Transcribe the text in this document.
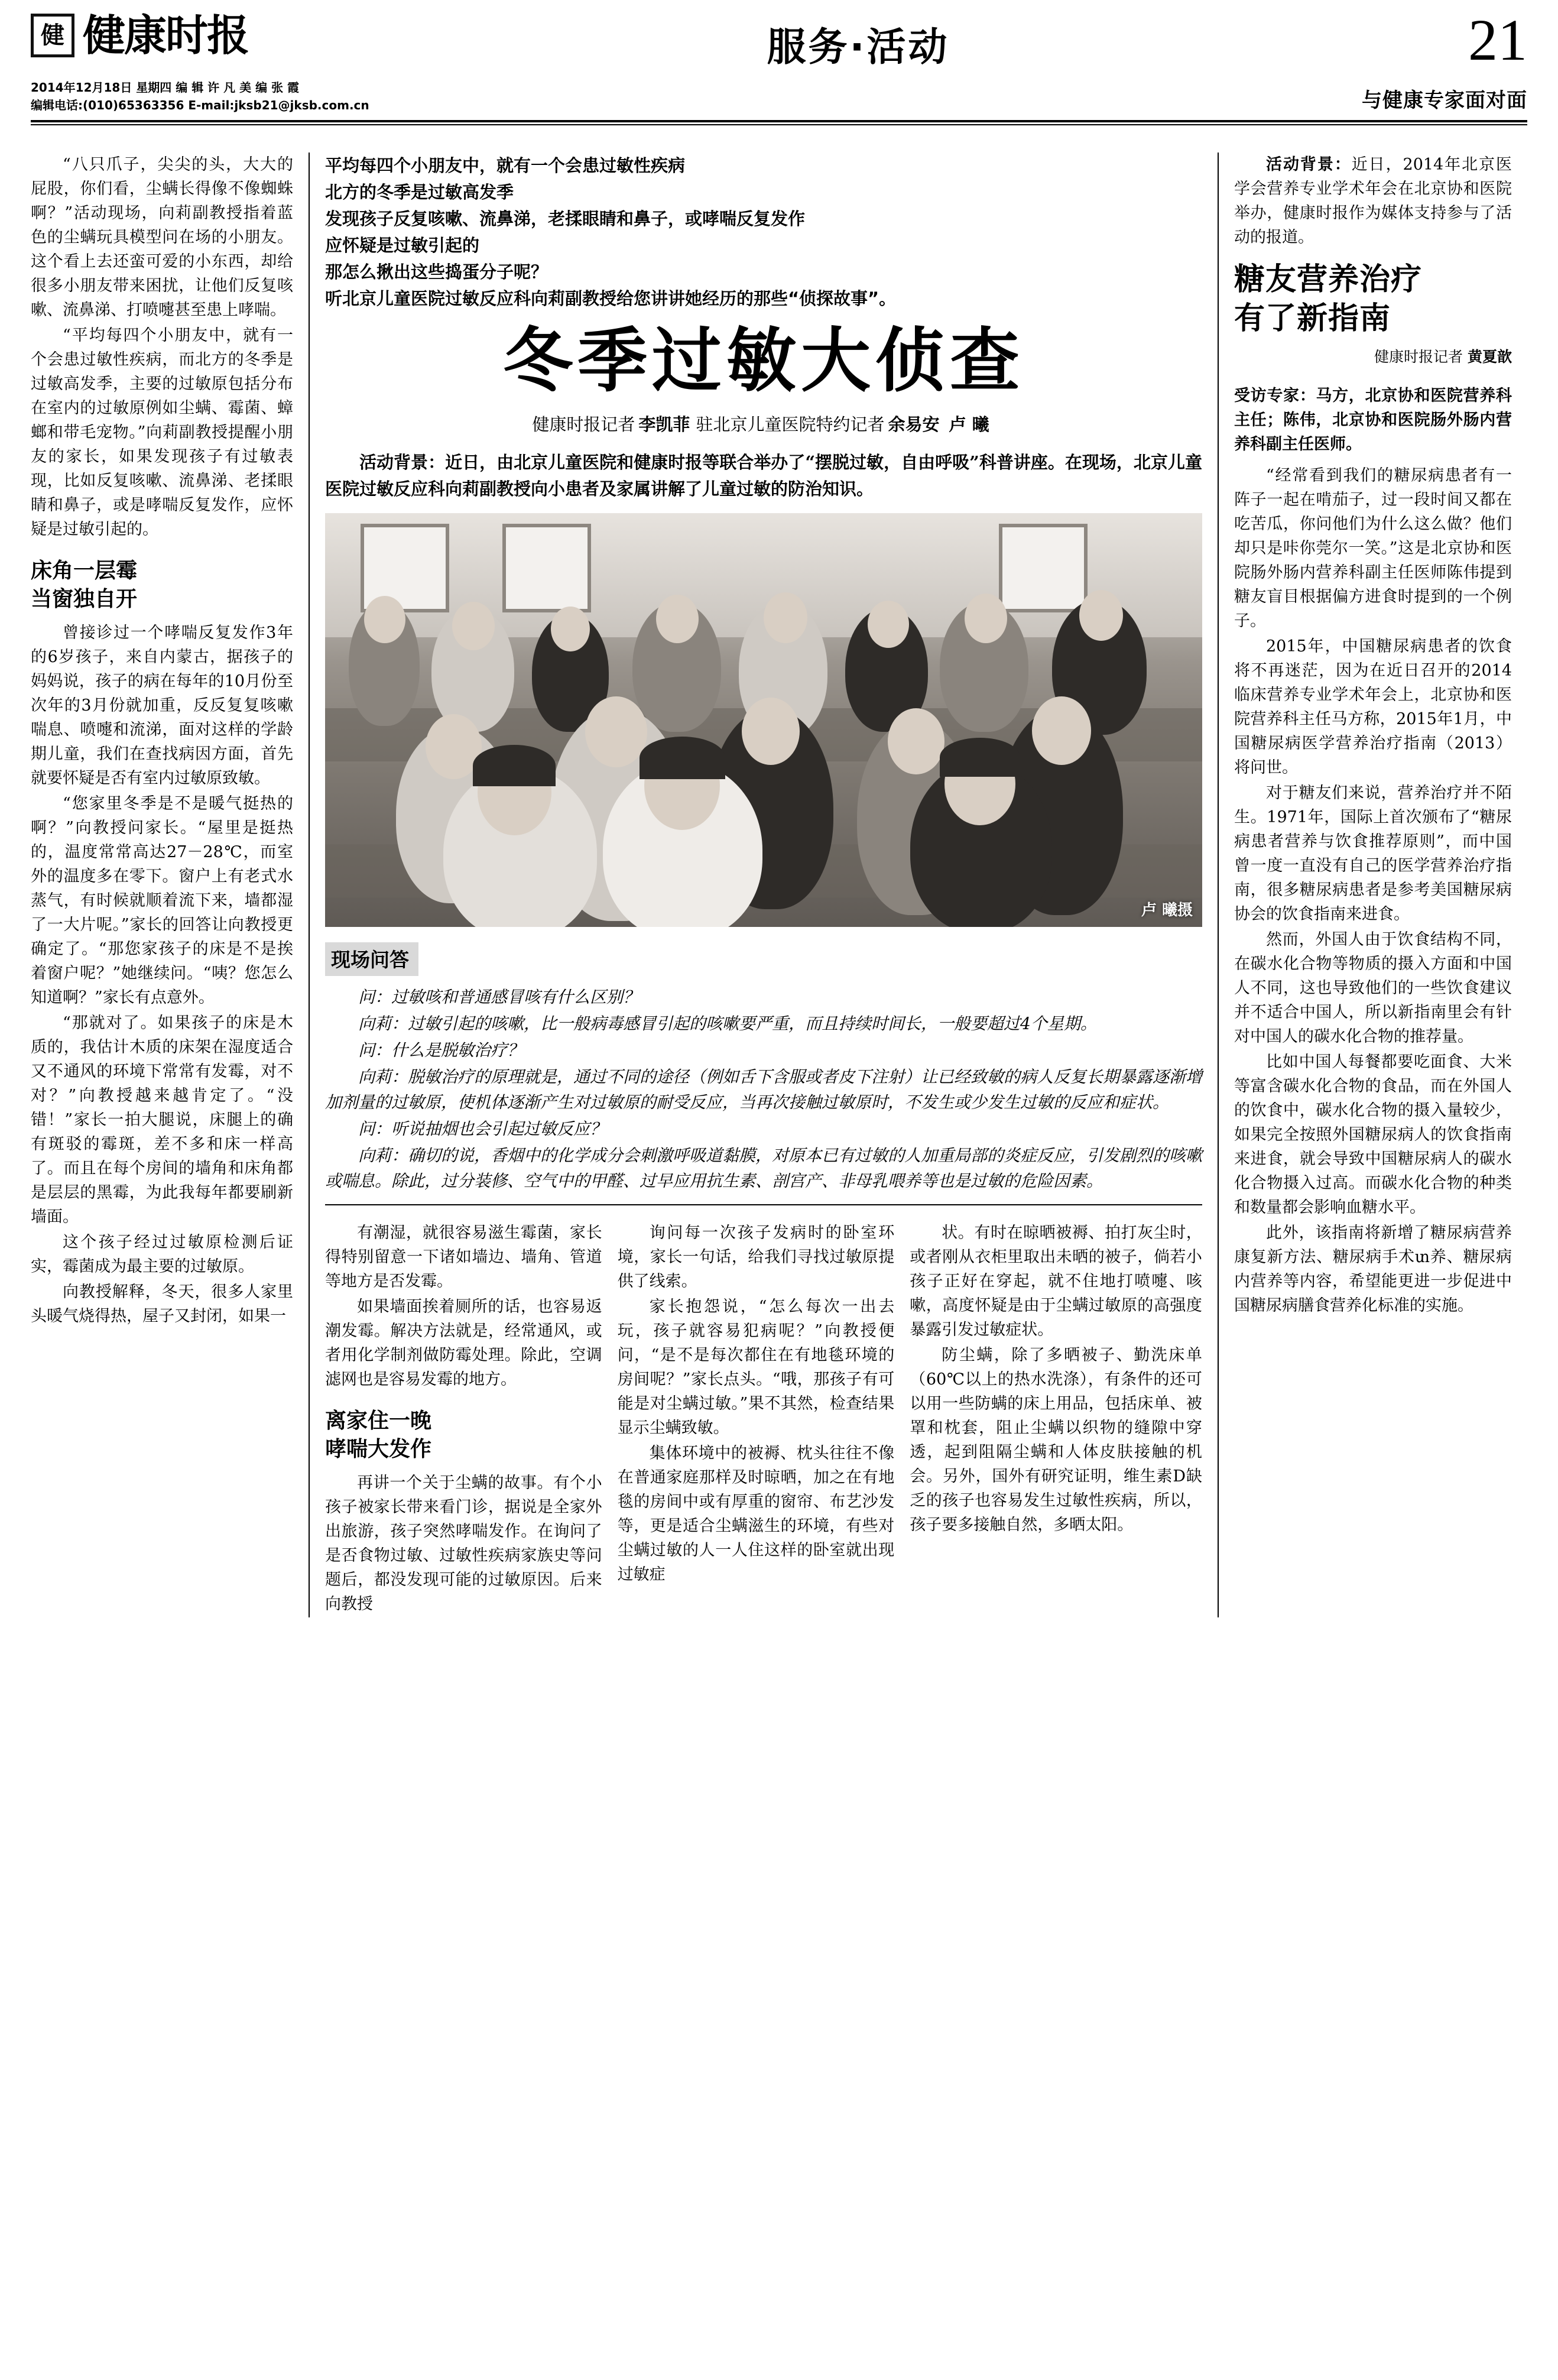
健 健康时报	服务·活动	21
2014年12月18日 星期四 编 辑 许 凡 美 编 张 霞
编辑电话:(010)65363356 E-mail:jksb21@jksb.com.cn	与健康专家面对面

“八只爪子，尖尖的头，大大的屁股，你们看，尘螨长得像不像蜘蛛啊？”活动现场，向莉副教授指着蓝色的尘螨玩具模型问在场的小朋友。这个看上去还蛮可爱的小东西，却给很多小朋友带来困扰，让他们反复咳嗽、流鼻涕、打喷嚏甚至患上哮喘。

“平均每四个小朋友中，就有一个会患过敏性疾病，而北方的冬季是过敏高发季，主要的过敏原包括分布在室内的过敏原例如尘螨、霉菌、蟑螂和带毛宠物。”向莉副教授提醒小朋友的家长，如果发现孩子有过敏表现，比如反复咳嗽、流鼻涕、老揉眼睛和鼻子，或是哮喘反复发作，应怀疑是过敏引起的。

床角一层霉
当窗独自开

曾接诊过一个哮喘反复发作3年的6岁孩子，来自内蒙古，据孩子的妈妈说，孩子的病在每年的10月份至次年的3月份就加重，反反复复咳嗽喘息、喷嚏和流涕，面对这样的学龄期儿童，我们在查找病因方面，首先就要怀疑是否有室内过敏原致敏。

“您家里冬季是不是暖气挺热的啊？”向教授问家长。“屋里是挺热的，温度常常高达27－28℃，而室外的温度多在零下。窗户上有老式水蒸气，有时候就顺着流下来，墙都湿了一大片呢。”家长的回答让向教授更确定了。“那您家孩子的床是不是挨着窗户呢？”她继续问。“咦？您怎么知道啊？”家长有点意外。

“那就对了。如果孩子的床是木质的，我估计木质的床架在湿度适合又不通风的环境下常常有发霉，对不对？”向教授越来越肯定了。“没错！”家长一拍大腿说，床腿上的确有斑驳的霉斑，差不多和床一样高了。而且在每个房间的墙角和床角都是层层的黑霉，为此我每年都要刷新墙面。

这个孩子经过过敏原检测后证实，霉菌成为最主要的过敏原。

向教授解释，冬天，很多人家里头暖气烧得热，屋子又封闭，如果一

平均每四个小朋友中，就有一个会患过敏性疾病
北方的冬季是过敏高发季
发现孩子反复咳嗽、流鼻涕，老揉眼睛和鼻子，或哮喘反复发作
应怀疑是过敏引起的
那怎么揪出这些捣蛋分子呢？
听北京儿童医院过敏反应科向莉副教授给您讲讲她经历的那些“侦探故事”。
冬季过敏大侦查
健康时报记者 李凯菲 驻北京儿童医院特约记者 余易安 卢 曦

活动背景：近日，由北京儿童医院和健康时报等联合举办了“摆脱过敏，自由呼吸”科普讲座。在现场，北京儿童医院过敏反应科向莉副教授向小患者及家属讲解了儿童过敏的防治知识。

卢 曦摄
现场问答

问：过敏咳和普通感冒咳有什么区别？

向莉：过敏引起的咳嗽，比一般病毒感冒引起的咳嗽要严重，而且持续时间长，一般要超过4个星期。

问：什么是脱敏治疗？

向莉：脱敏治疗的原理就是，通过不同的途径（例如舌下含服或者皮下注射）让已经致敏的病人反复长期暴露逐渐增加剂量的过敏原，使机体逐渐产生对过敏原的耐受反应，当再次接触过敏原时，不发生或少发生过敏的反应和症状。

问：听说抽烟也会引起过敏反应？

向莉：确切的说，香烟中的化学成分会刺激呼吸道黏膜，对原本已有过敏的人加重局部的炎症反应，引发剧烈的咳嗽或喘息。除此，过分装修、空气中的甲醛、过早应用抗生素、剖宫产、非母乳喂养等也是过敏的危险因素。

有潮湿，就很容易滋生霉菌，家长得特别留意一下诸如墙边、墙角、管道等地方是否发霉。

如果墙面挨着厕所的话，也容易返潮发霉。解决方法就是，经常通风，或者用化学制剂做防霉处理。除此，空调滤网也是容易发霉的地方。

离家住一晚
哮喘大发作

再讲一个关于尘螨的故事。有个小孩子被家长带来看门诊，据说是全家外出旅游，孩子突然哮喘发作。在询问了是否食物过敏、过敏性疾病家族史等问题后，都没发现可能的过敏原因。后来向教授

询问每一次孩子发病时的卧室环境，家长一句话，给我们寻找过敏原提供了线索。

家长抱怨说，“怎么每次一出去玩，孩子就容易犯病呢？”向教授便问，“是不是每次都住在有地毯环境的房间呢？”家长点头。“哦，那孩子有可能是对尘螨过敏。”果不其然，检查结果显示尘螨致敏。

集体环境中的被褥、枕头往往不像在普通家庭那样及时晾晒，加之在有地毯的房间中或有厚重的窗帘、布艺沙发等，更是适合尘螨滋生的环境，有些对尘螨过敏的人一人住这样的卧室就出现过敏症

状。有时在晾晒被褥、拍打灰尘时，或者刚从衣柜里取出未晒的被子，倘若小孩子正好在穿起，就不住地打喷嚏、咳嗽，高度怀疑是由于尘螨过敏原的高强度暴露引发过敏症状。

防尘螨，除了多晒被子、勤洗床单（60℃以上的热水洗涤），有条件的还可以用一些防螨的床上用品，包括床单、被罩和枕套，阻止尘螨以织物的缝隙中穿透，起到阻隔尘螨和人体皮肤接触的机会。另外，国外有研究证明，维生素D缺乏的孩子也容易发生过敏性疾病，所以，孩子要多接触自然，多晒太阳。

活动背景：近日，2014年北京医学会营养专业学术年会在北京协和医院举办，健康时报作为媒体支持参与了活动的报道。

糖友营养治疗
有了新指南
健康时报记者 黄夏歆

受访专家：马方，北京协和医院营养科主任；陈伟，北京协和医院肠外肠内营养科副主任医师。

“经常看到我们的糖尿病患者有一阵子一起在啃茄子，过一段时间又都在吃苦瓜，你问他们为什么这么做？他们却只是咔你莞尔一笑。”这是北京协和医院肠外肠内营养科副主任医师陈伟提到糖友盲目根据偏方进食时提到的一个例子。

2015年，中国糖尿病患者的饮食将不再迷茫，因为在近日召开的2014临床营养专业学术年会上，北京协和医院营养科主任马方称，2015年1月，中国糖尿病医学营养治疗指南（2013）将问世。

对于糖友们来说，营养治疗并不陌生。1971年，国际上首次颁布了“糖尿病患者营养与饮食推荐原则”，而中国曾一度一直没有自己的医学营养治疗指南，很多糖尿病患者是参考美国糖尿病协会的饮食指南来进食。

然而，外国人由于饮食结构不同，在碳水化合物等物质的摄入方面和中国人不同，这也导致他们的一些饮食建议并不适合中国人，所以新指南里会有针对中国人的碳水化合物的推荐量。

比如中国人每餐都要吃面食、大米等富含碳水化合物的食品，而在外国人的饮食中，碳水化合物的摄入量较少，如果完全按照外国糖尿病人的饮食指南来进食，就会导致中国糖尿病人的碳水化合物摄入过高。而碳水化合物的种类和数量都会影响血糖水平。

此外，该指南将新增了糖尿病营养康复新方法、糖尿病手术տ养、糖尿病内营养等内容，希望能更进一步促进中国糖尿病膳食营养化标准的实施。
